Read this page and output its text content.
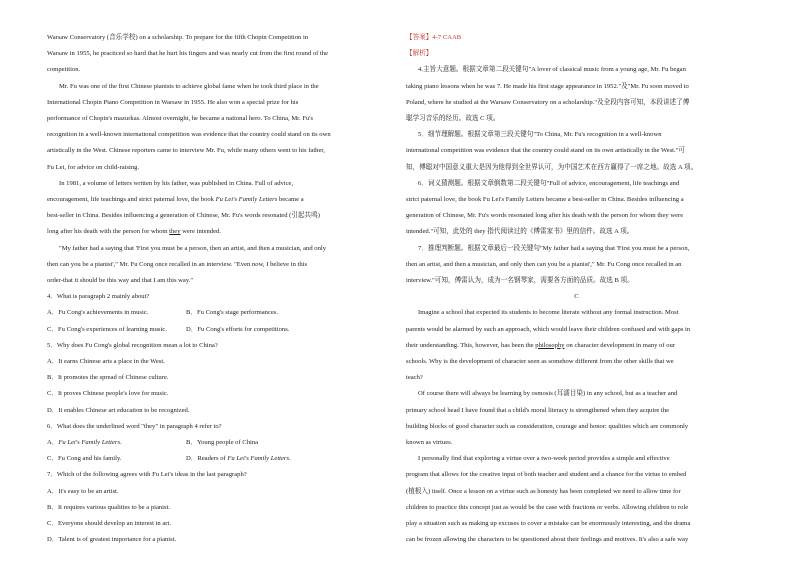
Warsaw Conservatory (音乐学校) on a scholarship. To prepare for the fifth Chopin Competition in
Warsaw in 1955, he practiced so hard that he hurt his fingers and was nearly cut from the first round of the
competition.

Mr. Fu was one of the first Chinese pianists to achieve global fame when he took third place in the
International Chopin Piano Competition in Warsaw in 1955. He also won a special prize for his
performance of Chopin's mazurkas. Almost overnight, he became a national hero. To China, Mr. Fu's
recognition in a well-known international competition was evidence that the country could stand on its own
artistically in the West. Chinese reporters came to interview Mr. Fu, while many others went to his father,
Fu Lei, for advice on child-raising.

In 1981, a volume of letters written by his father, was published in China. Full of advice,
encouragement, life teachings and strict paternal love, the book Fu Lei's Family Letters became a
best-seller in China. Besides influencing a generation of Chinese, Mr. Fu's words resonated (引起共鸣)
long after his death with the person for whom they were intended.

"My father had a saying that 'First you must be a person, then an artist, and then a musician, and only
then can you be a pianist'," Mr. Fu Cong once recalled in an interview. "Even now, I believe in this
order-that it should be this way and that I am this way."

4．What is paragraph 2 mainly about?

A．Fu Cong's achievements in music.	B．Fu Cong's stage performances.

C．Fu Cong's experiences of learning music.	D．Fu Cong's efforts for competitions.

5．Why does Fu Cong's global recognition mean a lot to China?

A．It earns Chinese arts a place in the West.

B．It promotes the spread of Chinese culture.

C．It proves Chinese people's love for music.

D．It enables Chinese art education to be recognized.

6．What does the underlined word "they" in paragraph 4 refer to?

A．Fu Lei's Family Letters.	B．Young people of China

C．Fu Cong and his family.	D．Readers of Fu Lei's Family Letters.

7．Which of the following agrees with Fu Lei's ideas in the last paragraph?

A．It's easy to be an artist.

B．It requires various qualities to be a pianist.

C．Everyone should develop an interest in art.

D．Talent is of greatest importance for a pianist.

【答案】4-7 CAAB

【解析】

4.主旨大意题。根据文章第二段关键句"A lover of classical music from a young age, Mr. Fu began
taking piano lessons when he was 7. He made his first stage appearance in 1952."及"Mr. Fu soon moved to
Poland, where he studied at the Warsaw Conservatory on a scholarship."及全段内容可知，本段讲述了傅
聪学习音乐的经历。故选 C 项。

5．细节理解题。根据文章第三段关键句"To China, Mr. Fu's recognition in a well-known
international competition was evidence that the country could stand on its own artistically in the West."可
知，傅聪对中国意义重大是因为他得到全世界认可，为中国艺术在西方赢得了一席之地。故选 A 项。

6．词义猜测题。根据文章倒数第二段关键句"Full of advice, encouragement, life teachings and
strict paternal love, the book Fu Lei's Family Letters became a best-seller in China. Besides influencing a
generation of Chinese, Mr. Fu's words resonated long after his death with the person for whom they were
intended."可知，此处的 they 指代阅读过的《傅雷家书》里的信件。故选 A 项。

7．推理判断题。根据文章最后一段关键句"My father had a saying that 'First you must be a person,
then an artist, and then a musician, and only then can you be a pianist'," Mr. Fu Cong once recalled in an
interview."可知，傅雷认为，成为一名钢琴家，需要各方面的品质。故选 B 项。

C

Imagine a school that expected its students to become literate without any formal instruction. Most
parents would be alarmed by such an approach, which would leave their children confused and with gaps in
their understanding. This, however, has been the philosophy on character development in many of our
schools. Why is the development of character seen as somehow different from the other skills that we
teach?

Of course there will always be learning by osmosis (耳濡目染) in any school, but as a teacher and
primary school head I have found that a child's moral literacy is strengthened when they acquire the
building blocks of good character such as consideration, courage and honor: qualities which are commonly
known as virtues.

I personally find that exploring a virtue over a two-week period provides a simple and effective
program that allows for the creative input of both teacher and student and a chance for the virtue to embed
(植根入) itself. Once a lesson on a virtue such as honesty has been completed we need to allow time for
children to practice this concept just as would be the case with fractions or verbs. Allowing children to role
play a situation such as making up excuses to cover a mistake can be enormously interesting, and the drama
can be frozen allowing the characters to be questioned about their feelings and motives. It's also a safe way
